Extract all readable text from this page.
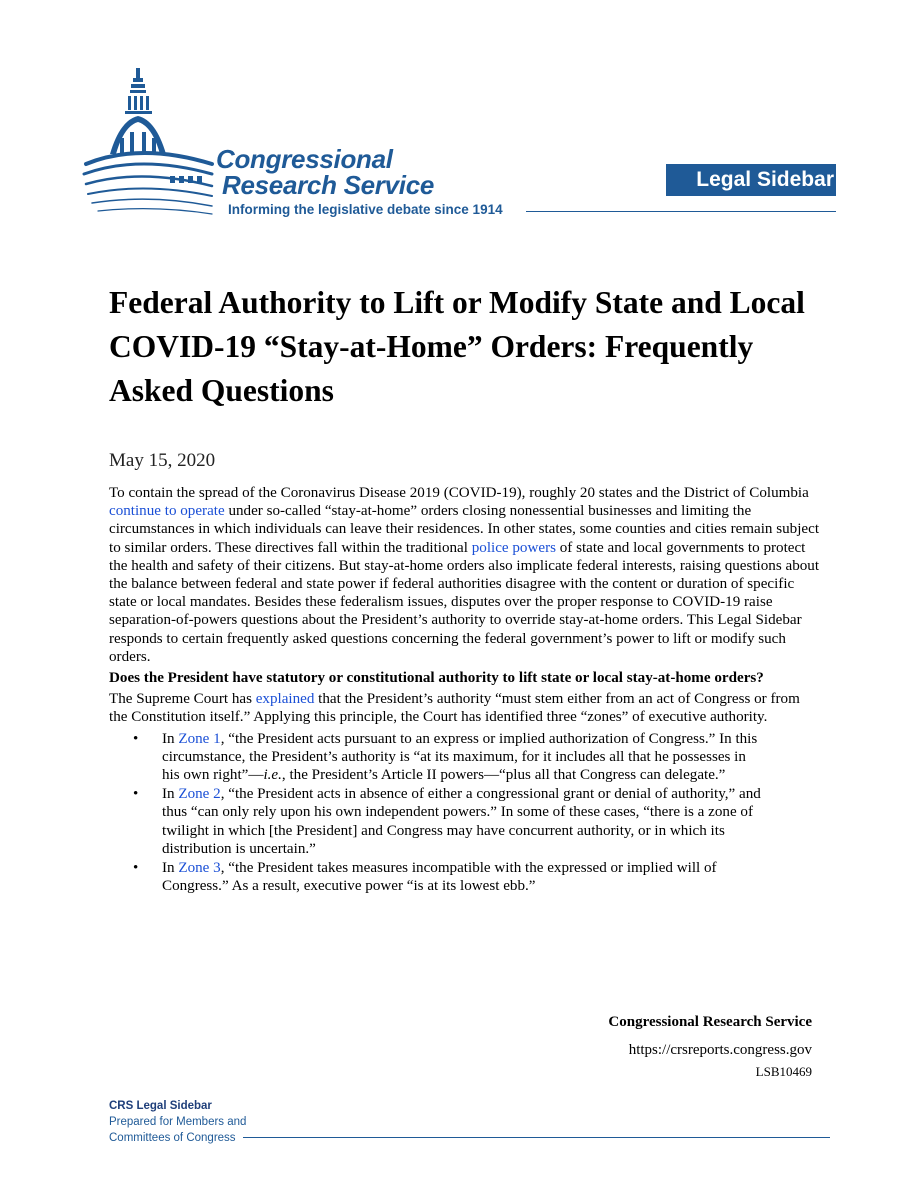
Congressional
Research Service
Informing the legislative debate since 1914
Legal Sidebar
Federal Authority to Lift or Modify State and Local COVID-19 “Stay-at-Home” Orders: Frequently Asked Questions
May 15, 2020

To contain the spread of the Coronavirus Disease 2019 (COVID-19), roughly 20 states and the District of Columbia continue to operate under so-called “stay-at-home” orders closing nonessential businesses and limiting the circumstances in which individuals can leave their residences. In other states, some counties and cities remain subject to similar orders. These directives fall within the traditional police powers of state and local governments to protect the health and safety of their citizens. But stay-at-home orders also implicate federal interests, raising questions about the balance between federal and state power if federal authorities disagree with the content or duration of specific state or local mandates. Besides these federalism issues, disputes over the proper response to COVID-19 raise separation-of-powers questions about the President’s authority to override stay-at-home orders. This Legal Sidebar responds to certain frequently asked questions concerning the federal government’s power to lift or modify such orders.

Does the President have statutory or constitutional authority to lift state or local stay-at-home orders?

The Supreme Court has explained that the President’s authority “must stem either from an act of Congress or from the Constitution itself.” Applying this principle, the Court has identified three “zones” of executive authority.

• In Zone 1, “the President acts pursuant to an express or implied authorization of Congress.” In this circumstance, the President’s authority is “at its maximum, for it includes all that he possesses in his own right”—i.e., the President’s Article II powers—“plus all that Congress can delegate.”
• In Zone 2, “the President acts in absence of either a congressional grant or denial of authority,” and thus “can only rely upon his own independent powers.” In some of these cases, “there is a zone of twilight in which [the President] and Congress may have concurrent authority, or in which its distribution is uncertain.”
• In Zone 3, “the President takes measures incompatible with the expressed or implied will of Congress.” As a result, executive power “is at its lowest ebb.”
Congressional Research Service
https://crsreports.congress.gov
LSB10469
CRS Legal Sidebar
Prepared for Members and
Committees of Congress
